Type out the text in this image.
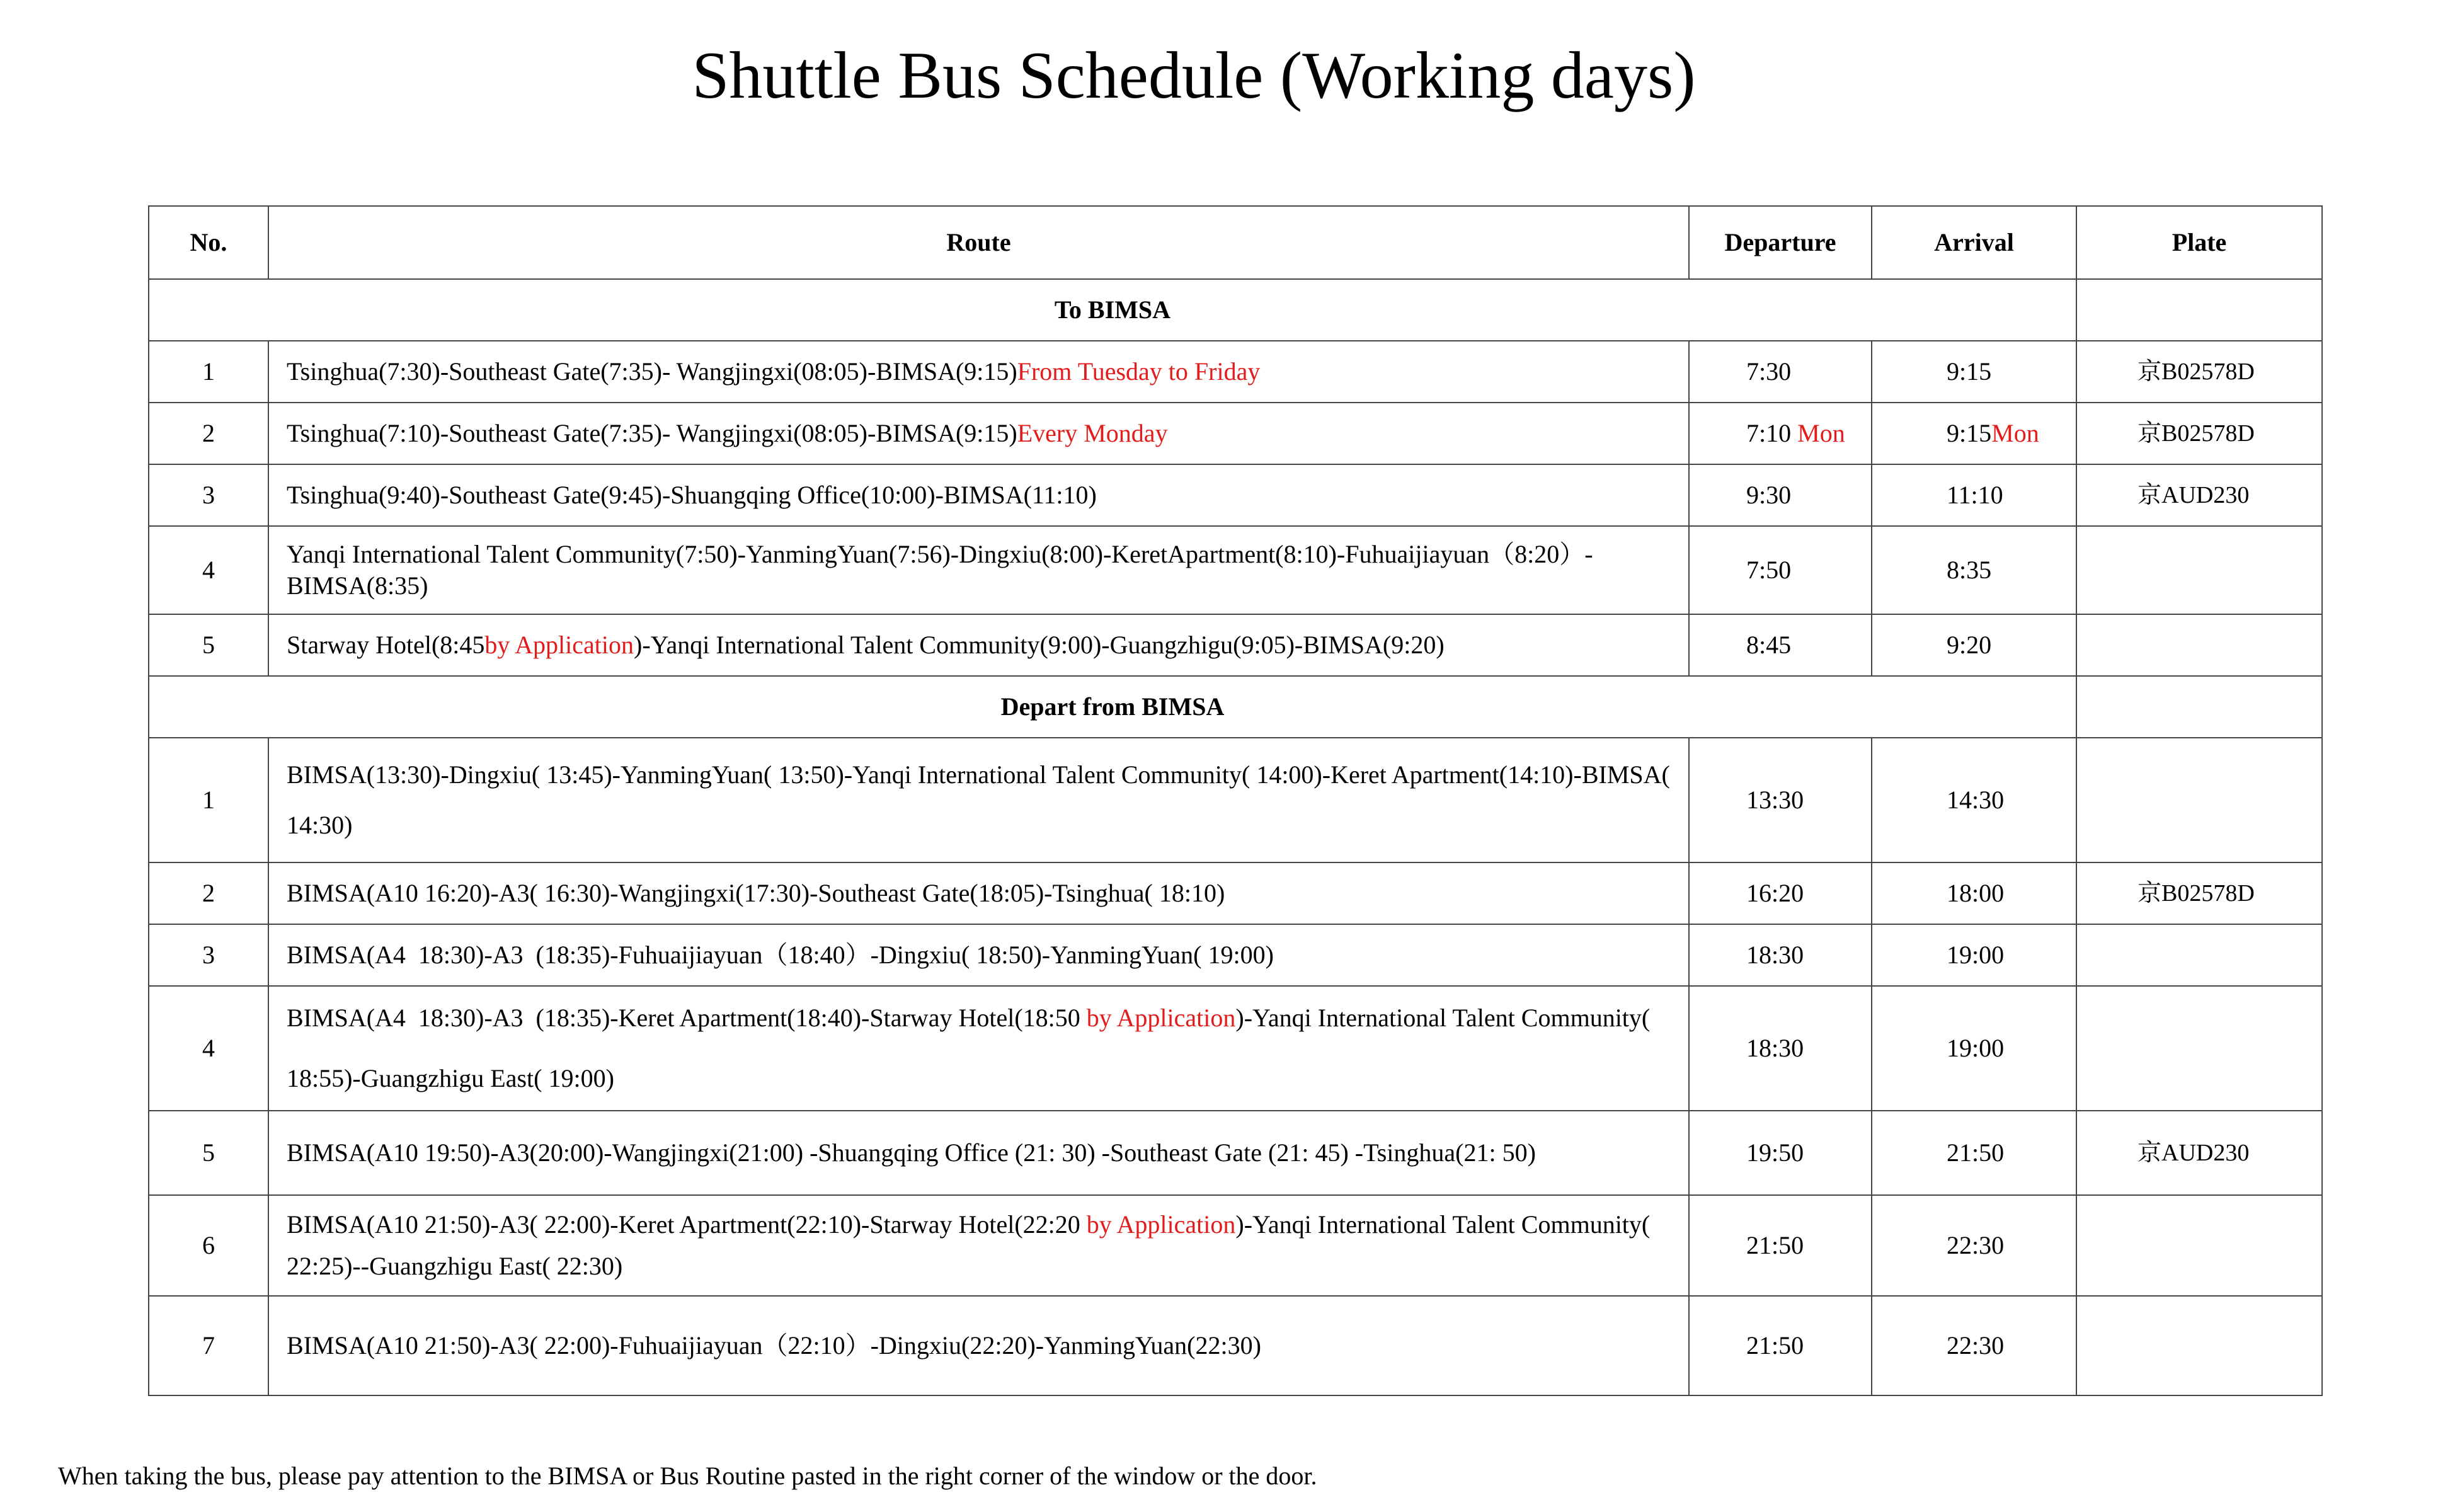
Shuttle Bus Schedule (Working days)
No.	Route	Departure	Arrival	Plate
To BIMSA				
1	Tsinghua(7:30)-Southeast Gate(7:35)- Wangjingxi(08:05)-BIMSA(9:15)From Tuesday to Friday	7:30	9:15	京B02578D
2	Tsinghua(7:10)-Southeast Gate(7:35)- Wangjingxi(08:05)-BIMSA(9:15)Every Monday	7:10 Mon	9:15Mon	京B02578D
3	Tsinghua(9:40)-Southeast Gate(9:45)-Shuangqing Office(10:00)-BIMSA(11:10)	9:30	11:10	京AUD230
4	Yanqi International Talent Community(7:50)-YanmingYuan(7:56)-Dingxiu(8:00)-KeretApartment(8:10)-Fuhuaijiayuan（8:20）-BIMSA(8:35)	7:50	8:35	
5	Starway Hotel(8:45by Application)-Yanqi International Talent Community(9:00)-Guangzhigu(9:05)-BIMSA(9:20)	8:45	9:20	
Depart from BIMSA				
1	BIMSA(13:30)-Dingxiu( 13:45)-YanmingYuan( 13:50)-Yanqi International Talent Community( 14:00)-Keret Apartment(14:10)-BIMSA( 14:30)	13:30	14:30	
2	BIMSA(A10 16:20)-A3( 16:30)-Wangjingxi(17:30)-Southeast Gate(18:05)-Tsinghua( 18:10)	16:20	18:00	京B02578D
3	BIMSA(A4  18:30)-A3  (18:35)-Fuhuaijiayuan（18:40）-Dingxiu( 18:50)-YanmingYuan( 19:00)	18:30	19:00	
4	BIMSA(A4  18:30)-A3  (18:35)-Keret Apartment(18:40)-Starway Hotel(18:50 by Application)-Yanqi International Talent Community( 18:55)-Guangzhigu East( 19:00)	18:30	19:00	
5	BIMSA(A10 19:50)-A3(20:00)-Wangjingxi(21:00) -Shuangqing Office (21: 30) -Southeast Gate (21: 45) -Tsinghua(21: 50)	19:50	21:50	京AUD230
6	BIMSA(A10 21:50)-A3( 22:00)-Keret Apartment(22:10)-Starway Hotel(22:20 by Application)-Yanqi International Talent Community( 22:25)--Guangzhigu East( 22:30)	21:50	22:30	
7	BIMSA(A10 21:50)-A3( 22:00)-Fuhuaijiayuan（22:10）-Dingxiu(22:20)-YanmingYuan(22:30)	21:50	22:30	
When taking the bus, please pay attention to the BIMSA or Bus Routine pasted in the right corner of the window or the door.
